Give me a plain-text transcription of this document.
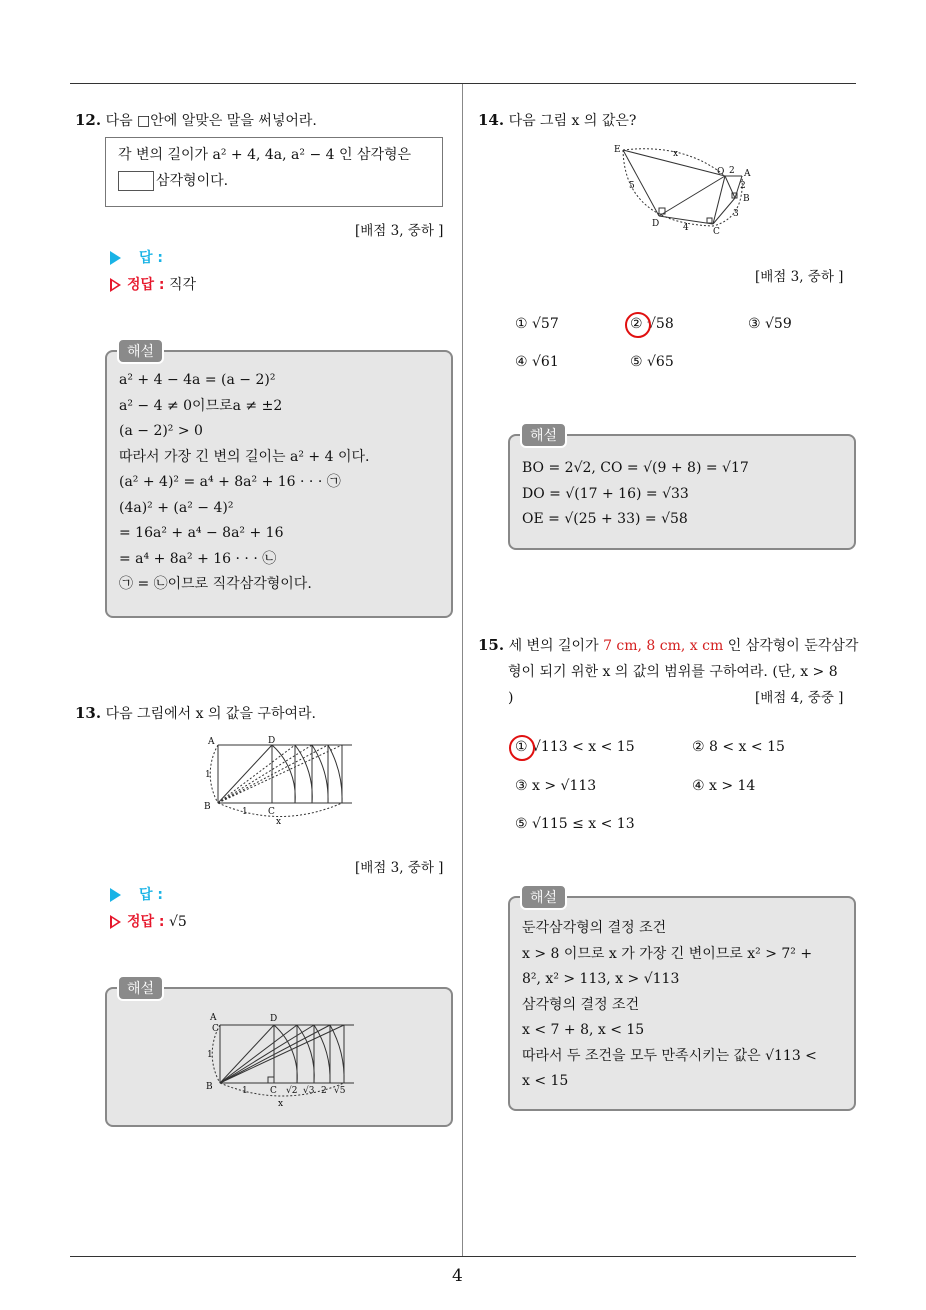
12. 다음 □안에 알맞은 말을 써넣어라.
각 변의 길이가 a² + 4, 4a, a² − 4 인 삼각형은
삼각형이다.
[배점 3, 중하 ]
답 :
정답 : 직각

a² + 4 − 4a = (a − 2)²

a² − 4 ≠ 0이므로a ≠ ±2

(a − 2)² > 0

따라서 가장 긴 변의 길이는 a² + 4 이다.

(a² + 4)² = a⁴ + 8a² + 16 · · · ㉠

(4a)² + (a² − 4)²

= 16a² + a⁴ − 8a² + 16

= a⁴ + 8a² + 16 · · · ㉡

㉠ = ㉡이므로 직각삼각형이다.

해설
13. 다음 그림에서 x 의 값을 구하여라.
A	D
1
B	1 C
x
[배점 3, 중하 ]
답 :
정답 : √5
A	D
C
1
B	1 C √2 √3 2 √5
x
해설
14. 다음 그림 x 의 값은?
E	x
O 2 A
2
B
5
D	4	C
3
[배점 3, 중하 ]
① √57	② √58	③ √59
④ √61	⑤ √65

BO = 2√2, CO = √(9 + 8) = √17

DO = √(17 + 16) = √33

OE = √(25 + 33) = √58

해설
15. 세 변의 길이가 7 cm, 8 cm, x cm 인 삼각형이 둔각삼각
형이 되기 위한 x 의 값의 범위를 구하여라. (단, x > 8
)	[배점 4, 중중 ]
① √113 < x < 15	② 8 < x < 15
③ x > √113	④ x > 14
⑤ √115 ≤ x < 13

둔각삼각형의 결정 조건

x > 8 이므로 x 가 가장 긴 변이므로 x² > 7² +

8², x² > 113, x > √113

삼각형의 결정 조건

x < 7 + 8, x < 15

따라서 두 조건을 모두 만족시키는 값은 √113 <

x < 15

해설
4
